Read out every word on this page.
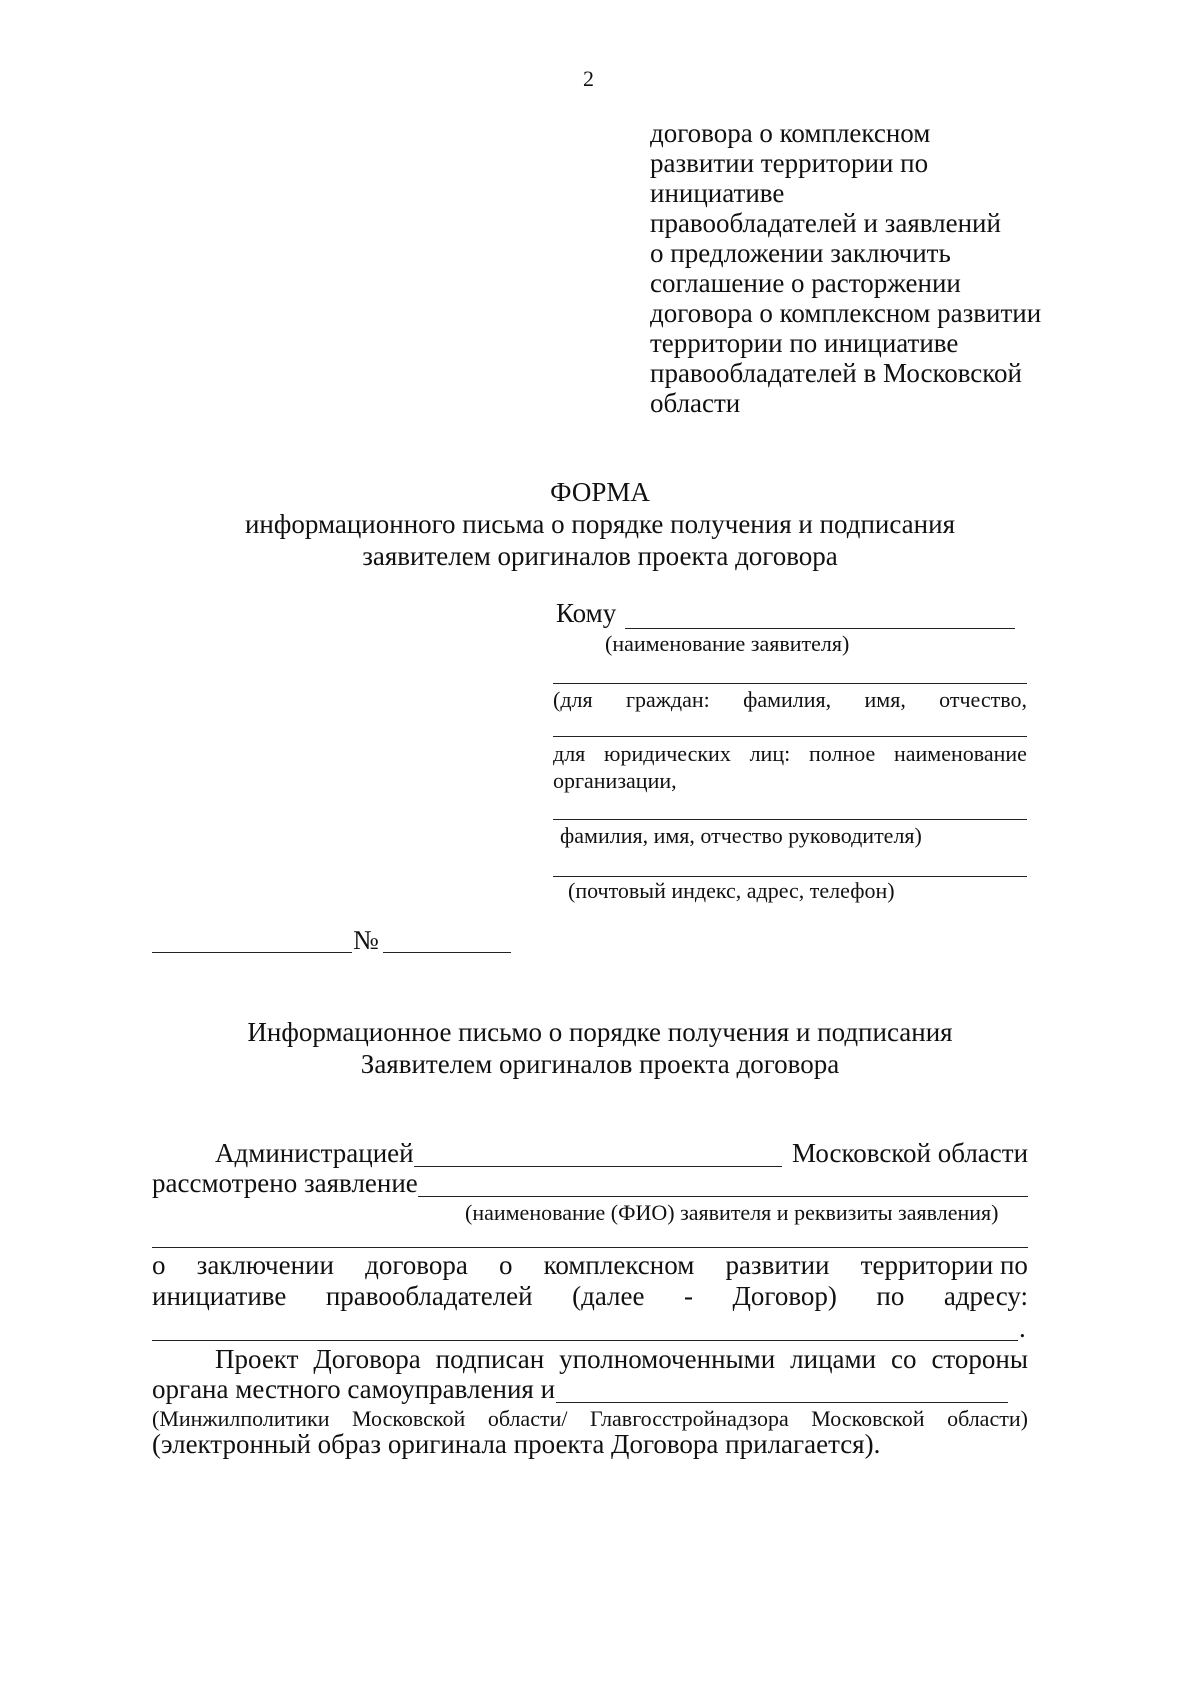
2
договора о комплексном
развитии территории по
инициативе
правообладателей и заявлений
о предложении заключить
соглашение о расторжении
договора о комплексном развитии
территории по инициативе
правообладателей в Московской
области
ФОРМА
информационного письма о порядке получения и подписания
заявителем оригиналов проекта договора
Кому
(наименование заявителя)
(для граждан: фамилия, имя, отчество,
для юридических лиц: полное наименование
организации,
фамилия, имя, отчество руководителя)
(почтовый индекс, адрес, телефон)
№
Информационное письмо о порядке получения и подписания
Заявителем оригиналов проекта договора
Администрацией	Московской области
рассмотрено заявление
(наименование (ФИО) заявителя и реквизиты заявления)
о заключении договора о комплексном развитии территории по
инициативе правообладателей (далее - Договор) по адресу:
.
Проект Договора подписан уполномоченными лицами со стороны
органа местного самоуправления и
(Минжилполитики Московской области/ Главгосстройнадзора Московской области)
(электронный образ оригинала проекта Договора прилагается).
